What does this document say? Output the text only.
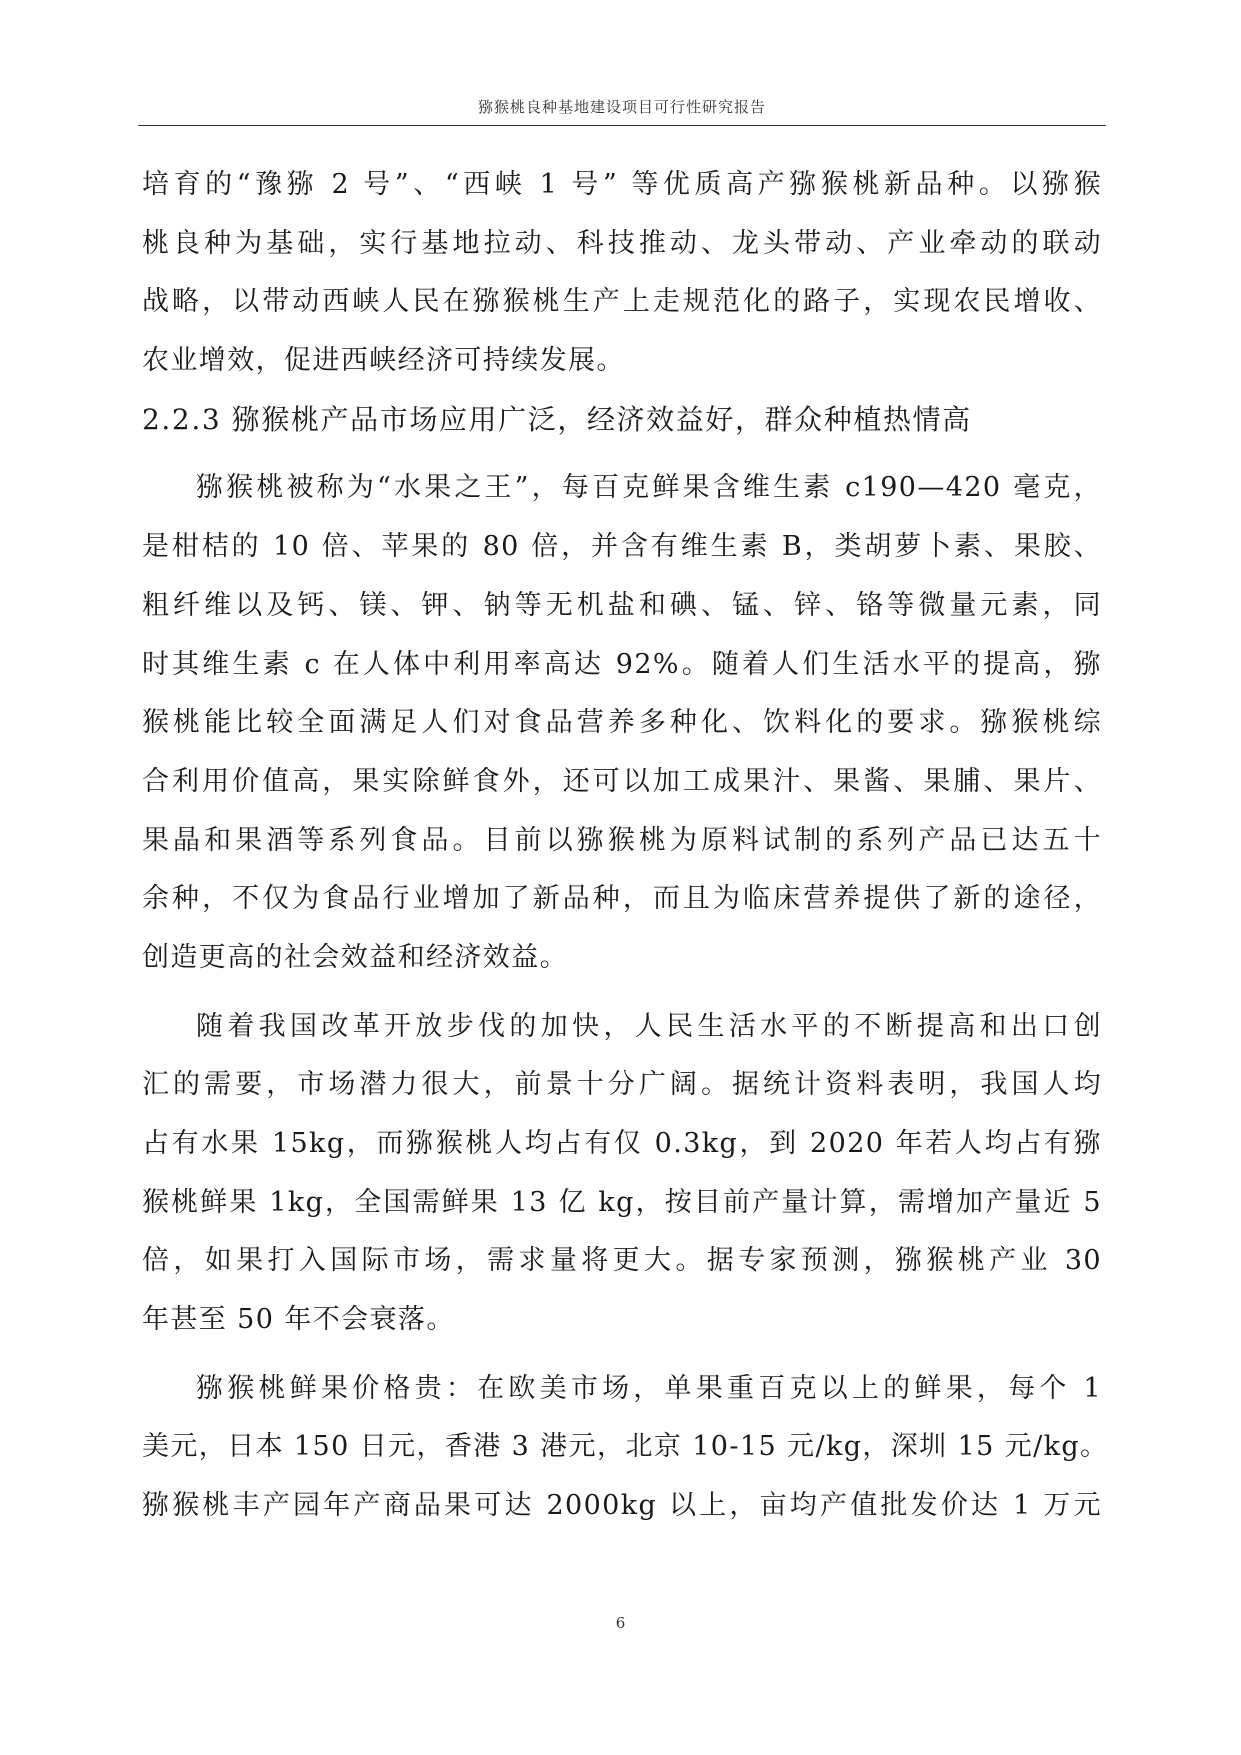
猕猴桃良种基地建设项目可行性研究报告
培育的“豫猕 2 号”、“西峡 1 号” 等优质高产猕猴桃新品种。以猕猴
桃良种为基础，实行基地拉动、科技推动、龙头带动、产业牵动的联动
战略，以带动西峡人民在猕猴桃生产上走规范化的路子，实现农民增收、
农业增效，促进西峡经济可持续发展。
2.2.3 猕猴桃产品市场应用广泛，经济效益好，群众种植热情高
猕猴桃被称为“水果之王”，每百克鲜果含维生素 c190—420 毫克，
是柑桔的 10 倍、苹果的 80 倍，并含有维生素 B，类胡萝卜素、果胶、
粗纤维以及钙、镁、钾、钠等无机盐和碘、锰、锌、铬等微量元素，同
时其维生素 c 在人体中利用率高达 92%。随着人们生活水平的提高，猕
猴桃能比较全面满足人们对食品营养多种化、饮料化的要求。猕猴桃综
合利用价值高，果实除鲜食外，还可以加工成果汁、果酱、果脯、果片、
果晶和果酒等系列食品。目前以猕猴桃为原料试制的系列产品已达五十
余种，不仅为食品行业增加了新品种，而且为临床营养提供了新的途径，
创造更高的社会效益和经济效益。
随着我国改革开放步伐的加快，人民生活水平的不断提高和出口创
汇的需要，市场潜力很大，前景十分广阔。据统计资料表明，我国人均
占有水果 15kg，而猕猴桃人均占有仅 0.3kg，到 2020 年若人均占有猕
猴桃鲜果 1kg，全国需鲜果 13 亿 kg，按目前产量计算，需增加产量近 5
倍，如果打入国际市场，需求量将更大。据专家预测，猕猴桃产业 30
年甚至 50 年不会衰落。
猕猴桃鲜果价格贵：在欧美市场，单果重百克以上的鲜果，每个 1
美元，日本 150 日元，香港 3 港元，北京 10-15 元/kg，深圳 15 元/kg。
猕猴桃丰产园年产商品果可达 2000kg 以上，亩均产值批发价达 1 万元
6
